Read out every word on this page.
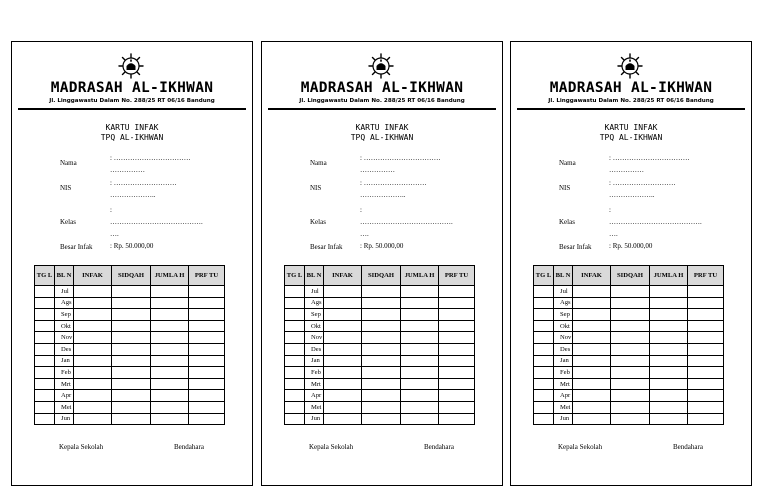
MADRASAH AL-IKHWAN
Jl. Linggawastu Dalam No. 288/25 RT 06/16 Bandung
KARTU INFAK
TPQ AL-IKHWAN
Nama
: ……………………………
……………
NIS
: ………………………
………………..
Kelas
:
………………………………….
….
Besar Infak	: Rp. 50.000,00
TG L	BL N	INFAK	SIDQAH	JUMLA H	PRF TU
	Jul				
	Ags				
	Sep				
	Okt				
	Nov				
	Des				
	Jan				
	Feb				
	Mrt				
	Apr				
	Mei				
	Jun				
Kepala Sekolah	Bendahara
MADRASAH AL-IKHWAN
Jl. Linggawastu Dalam No. 288/25 RT 06/16 Bandung
KARTU INFAK
TPQ AL-IKHWAN
Nama
: ……………………………
……………
NIS
: ………………………
………………..
Kelas
:
………………………………….
….
Besar Infak	: Rp. 50.000,00
TG L	BL N	INFAK	SIDQAH	JUMLA H	PRF TU
	Jul				
	Ags				
	Sep				
	Okt				
	Nov				
	Des				
	Jan				
	Feb				
	Mrt				
	Apr				
	Mei				
	Jun				
Kepala Sekolah	Bendahara
MADRASAH AL-IKHWAN
Jl. Linggawastu Dalam No. 288/25 RT 06/16 Bandung
KARTU INFAK
TPQ AL-IKHWAN
Nama
: ……………………………
……………
NIS
: ………………………
………………..
Kelas
:
………………………………….
….
Besar Infak	: Rp. 50.000,00
TG L	BL N	INFAK	SIDQAH	JUMLA H	PRF TU
	Jul				
	Ags				
	Sep				
	Okt				
	Nov				
	Des				
	Jan				
	Feb				
	Mrt				
	Apr				
	Mei				
	Jun				
Kepala Sekolah	Bendahara
